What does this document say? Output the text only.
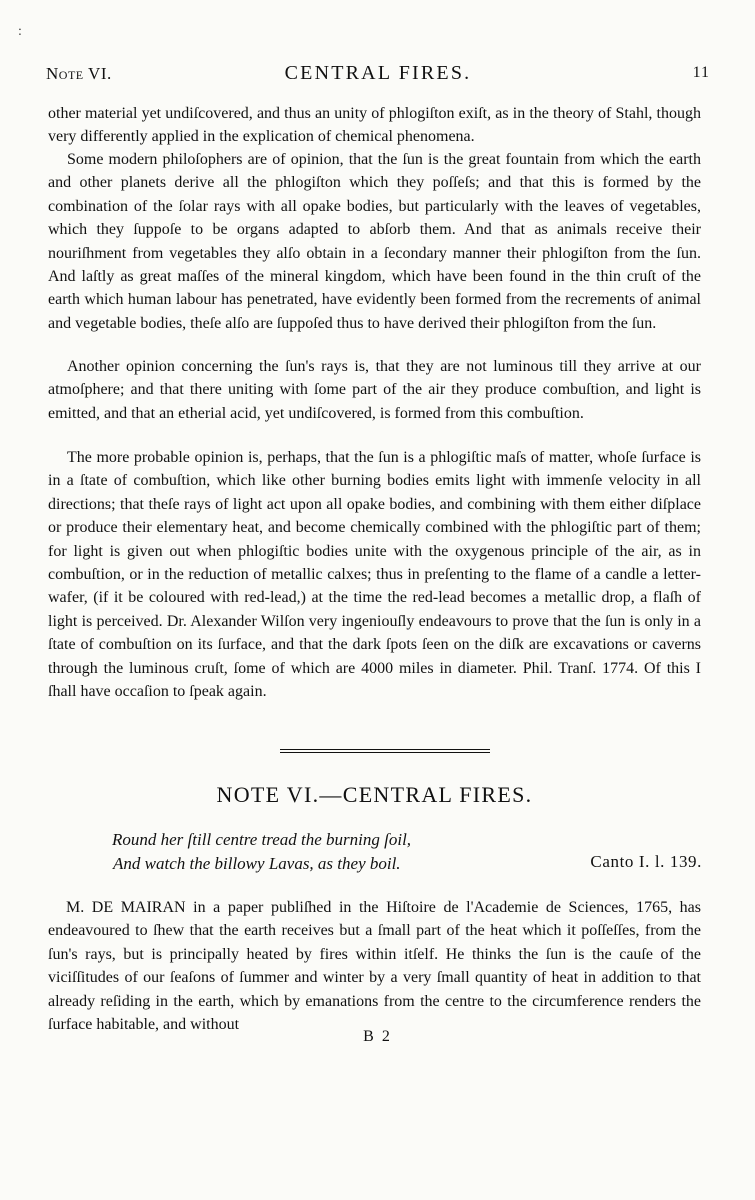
:
Note VI.	CENTRAL FIRES.	11

other material yet undiſcovered, and thus an unity of phlogiſton exiſt, as in the theory of Stahl, though very differently applied in the explication of chemical phenomena.

Some modern philoſophers are of opinion, that the ſun is the great fountain from which the earth and other planets derive all the phlogiſton which they poſſeſs; and that this is formed by the combination of the ſolar rays with all opake bodies, but particularly with the leaves of vegetables, which they ſuppoſe to be organs adapted to abſorb them. And that as animals receive their nouriſhment from vegetables they alſo obtain in a ſecondary manner their phlogiſton from the ſun. And laſtly as great maſſes of the mineral kingdom, which have been found in the thin cruſt of the earth which human labour has penetrated, have evidently been formed from the recrements of animal and vegetable bodies, theſe alſo are ſuppoſed thus to have derived their phlogiſton from the ſun.

Another opinion concerning the ſun's rays is, that they are not luminous till they arrive at our atmoſphere; and that there uniting with ſome part of the air they produce combuſtion, and light is emitted, and that an etherial acid, yet undiſcovered, is formed from this combuſtion.

The more probable opinion is, perhaps, that the ſun is a phlogiſtic maſs of matter, whoſe ſurface is in a ſtate of combuſtion, which like other burning bodies emits light with immenſe velocity in all directions; that theſe rays of light act upon all opake bodies, and combining with them either diſplace or produce their elementary heat, and become chemically combined with the phlogiſtic part of them; for light is given out when phlogiſtic bodies unite with the oxygenous principle of the air, as in combuſtion, or in the reduction of metallic calxes; thus in preſenting to the flame of a candle a letter-wafer, (if it be coloured with red-lead,) at the time the red-lead becomes a metallic drop, a flaſh of light is perceived. Dr. Alexander Wilſon very ingeniouſly endeavours to prove that the ſun is only in a ſtate of combuſtion on its ſurface, and that the dark ſpots ſeen on the diſk are excavations or caverns through the luminous cruſt, ſome of which are 4000 miles in diameter. Phil. Tranſ. 1774. Of this I ſhall have occaſion to ſpeak again.

NOTE VI.—CENTRAL FIRES.
Round her ſtill centre tread the burning ſoil,
And watch the billowy Lavas, as they boil.	Canto I. l. 139.

M. DE MAIRAN in a paper publiſhed in the Hiſtoire de l'Academie de Sciences, 1765, has endeavoured to ſhew that the earth receives but a ſmall part of the heat which it poſſeſſes, from the ſun's rays, but is principally heated by fires within itſelf. He thinks the ſun is the cauſe of the viciſſitudes of our ſeaſons of ſummer and winter by a very ſmall quantity of heat in addition to that already reſiding in the earth, which by emanations from the centre to the circumference renders the ſurface habitable, and without

B 2
